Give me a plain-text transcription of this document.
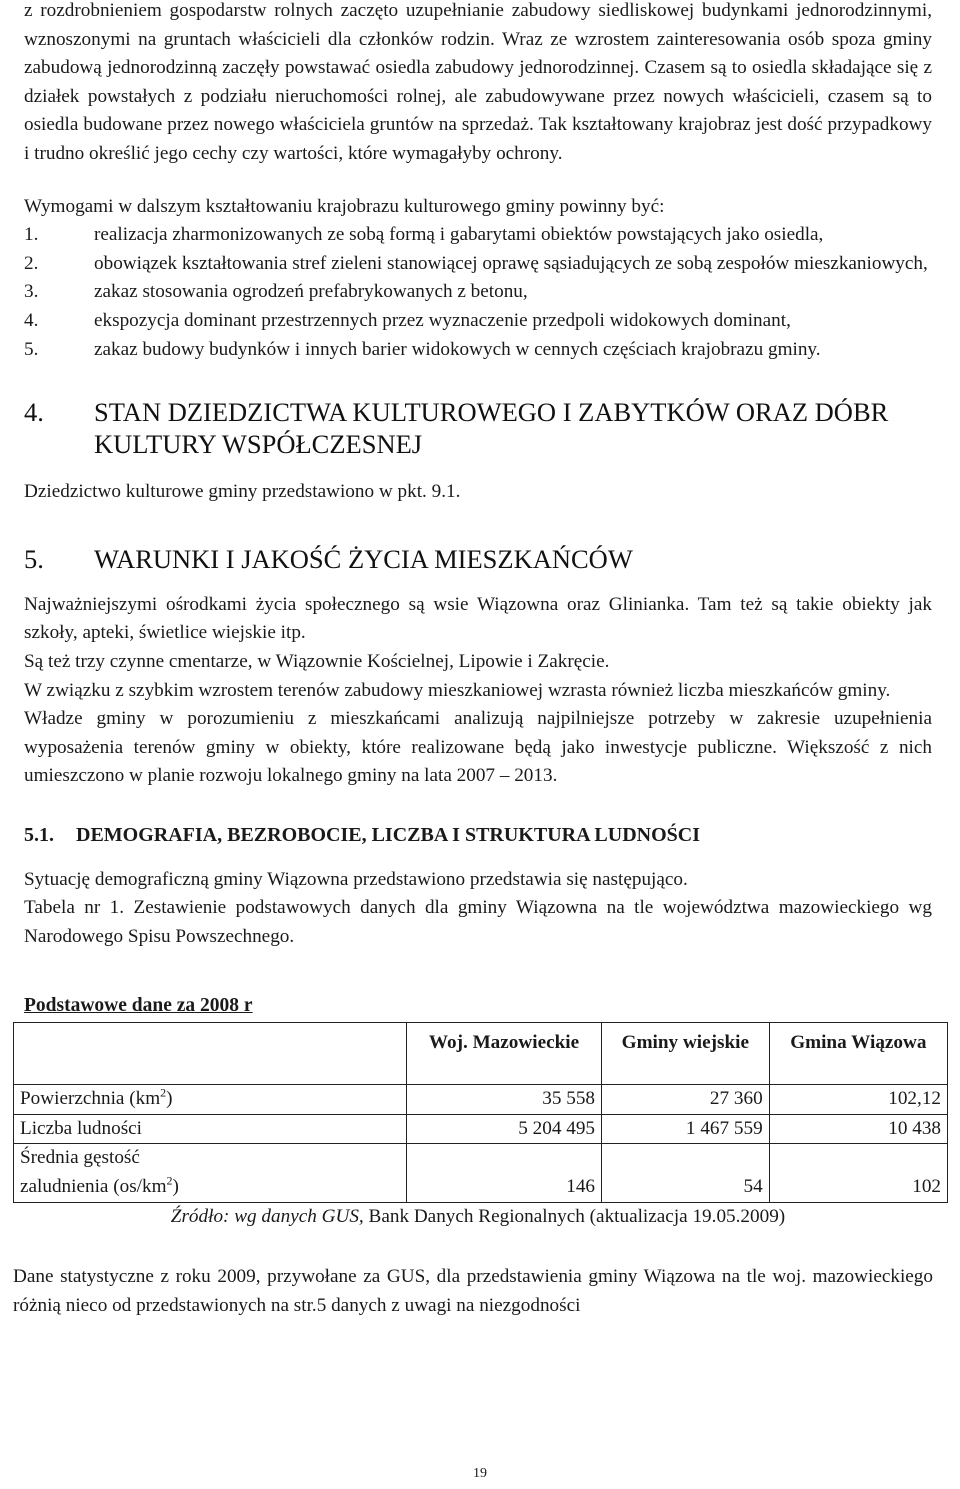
z rozdrobnieniem gospodarstw rolnych zaczęto uzupełnianie zabudowy siedliskowej budynkami jednorodzinnymi, wznoszonymi na gruntach właścicieli dla członków rodzin. Wraz ze wzrostem zainteresowania osób spoza gminy zabudową jednorodzinną zaczęły powstawać osiedla zabudowy jednorodzinnej. Czasem są to osiedla składające się z działek powstałych z podziału nieruchomości rolnej, ale zabudowywane przez nowych właścicieli, czasem są to osiedla budowane przez nowego właściciela gruntów na sprzedaż. Tak kształtowany krajobraz jest dość przypadkowy i trudno określić jego cechy czy wartości, które wymagałyby ochrony.

Wymogami w dalszym kształtowaniu krajobrazu kulturowego gminy powinny być:
1.	realizacja zharmonizowanych ze sobą formą i gabarytami obiektów powstających jako osiedla,
2.	obowiązek kształtowania stref zieleni stanowiącej oprawę sąsiadujących ze sobą zespołów mieszkaniowych,
3.	zakaz stosowania ogrodzeń prefabrykowanych z betonu,
4.	ekspozycja dominant przestrzennych przez wyznaczenie przedpoli widokowych dominant,
5.	zakaz budowy budynków i innych barier widokowych w cennych częściach krajobrazu gminy.
4. STAN DZIEDZICTWA KULTUROWEGO I ZABYTKÓW ORAZ DÓBR KULTURY WSPÓŁCZESNEJ

Dziedzictwo kulturowe gminy przedstawiono w pkt. 9.1.

5. WARUNKI I JAKOŚĆ ŻYCIA MIESZKAŃCÓW

Najważniejszymi ośrodkami życia społecznego są wsie Wiązowna oraz Glinianka. Tam też są takie obiekty jak szkoły, apteki, świetlice wiejskie itp.

Są też trzy czynne cmentarze, w Wiązownie Kościelnej, Lipowie i Zakręcie.

W związku z szybkim wzrostem terenów zabudowy mieszkaniowej wzrasta również liczba mieszkańców gminy.

Władze gminy w porozumieniu z mieszkańcami analizują najpilniejsze potrzeby w zakresie uzupełnienia wyposażenia terenów gminy w obiekty, które realizowane będą jako inwestycje publiczne. Większość z nich umieszczono w planie rozwoju lokalnego gminy na lata 2007 – 2013.

5.1. DEMOGRAFIA, BEZROBOCIE, LICZBA I STRUKTURA LUDNOŚCI

Sytuację demograficzną gminy Wiązowna przedstawiono przedstawia się następująco.

Tabela nr 1. Zestawienie podstawowych danych dla gminy Wiązowna na tle województwa mazowieckiego wg Narodowego Spisu Powszechnego.

Podstawowe dane za 2008 r
	Woj. Mazowieckie	Gminy wiejskie	Gmina Wiązowa
Powierzchnia $(km^2)$	35 558	27 360	102,12
Liczba ludności	5 204 495	1 467 559	10 438
Średnia gęstość
zaludnienia $(os/km^2)$	146	54	102
Źródło: wg danych GUS, Bank Danych Regionalnych (aktualizacja 19.05.2009)

Dane statystyczne z roku 2009, przywołane za GUS, dla przedstawienia gminy Wiązowa na tle woj. mazowieckiego różnią nieco od przedstawionych na str.5 danych z uwagi na niezgodności

19
